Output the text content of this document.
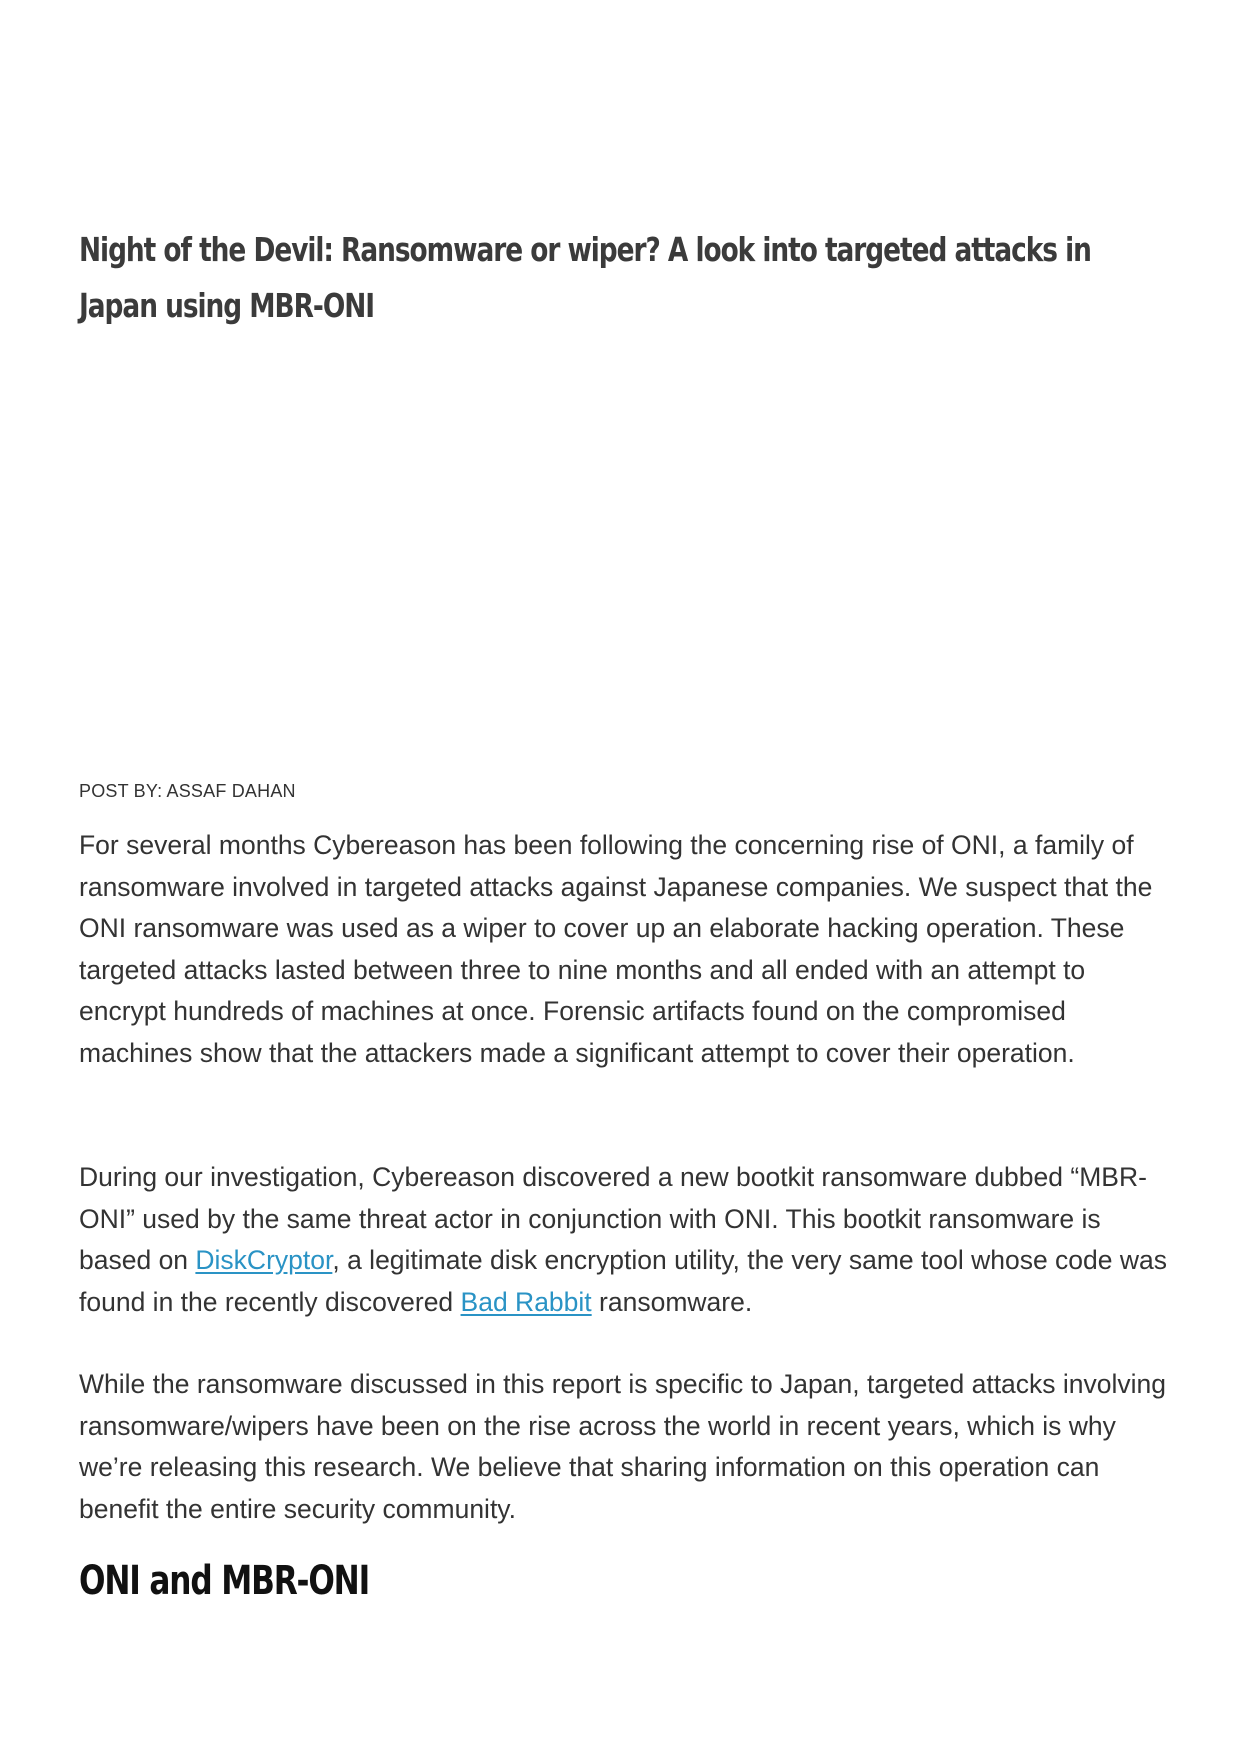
Night of the Devil: Ransomware or wiper? A look into targeted attacks in Japan using MBR-ONI
POST BY: ASSAF DAHAN

For several months Cybereason has been following the concerning rise of ONI, a family of ransomware involved in targeted attacks against Japanese companies. We suspect that the ONI ransomware was used as a wiper to cover up an elaborate hacking operation. These targeted attacks lasted between three to nine months and all ended with an attempt to encrypt hundreds of machines at once. Forensic artifacts found on the compromised machines show that the attackers made a significant attempt to cover their operation.

During our investigation, Cybereason discovered a new bootkit ransomware dubbed “MBR-ONI” used by the same threat actor in conjunction with ONI. This bootkit ransomware is based on DiskCryptor, a legitimate disk encryption utility, the very same tool whose code was found in the recently discovered Bad Rabbit ransomware.

While the ransomware discussed in this report is specific to Japan, targeted attacks involving ransomware/wipers have been on the rise across the world in recent years, which is why we’re releasing this research. We believe that sharing information on this operation can benefit the entire security community.

ONI and MBR-ONI
